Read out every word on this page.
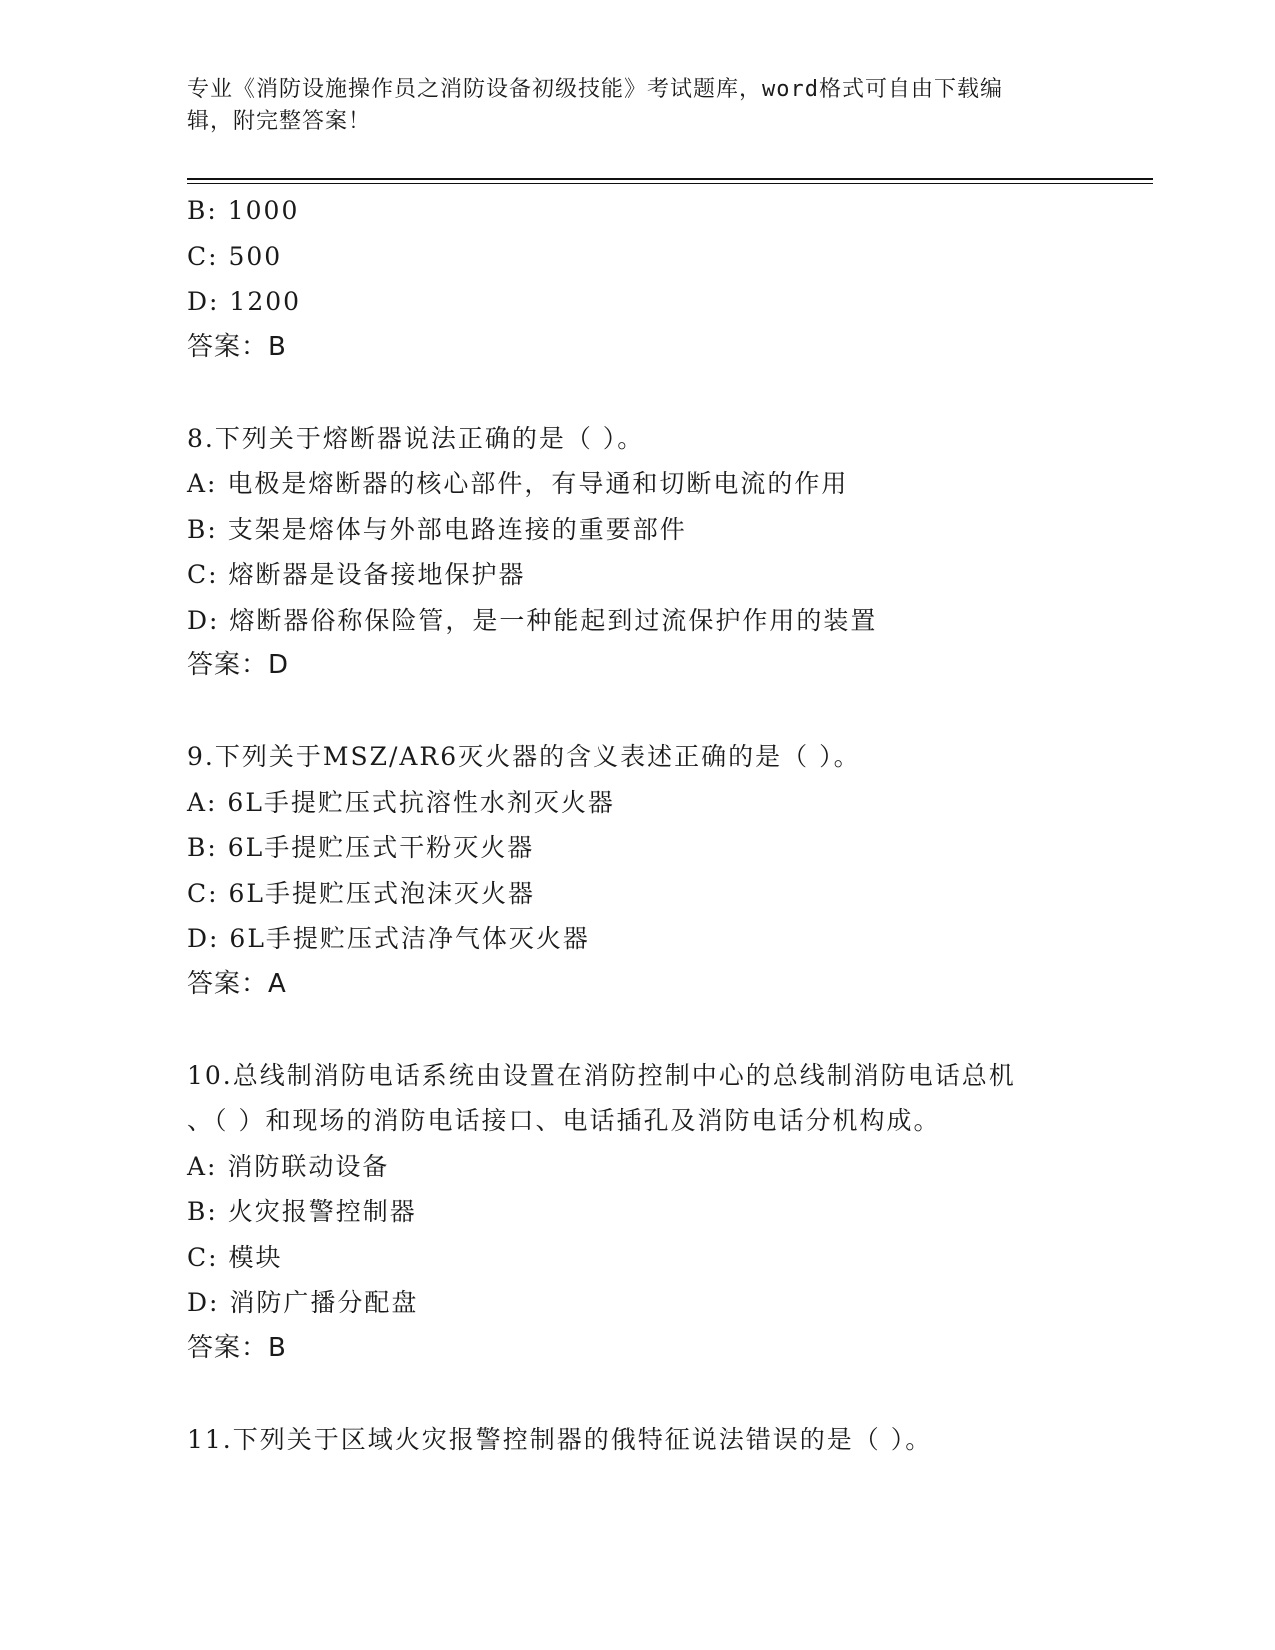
专业《消防设施操作员之消防设备初级技能》考试题库，word格式可自由下载编
辑，附完整答案！
B: 1000
C: 500
D: 1200
答案：B
8.下列关于熔断器说法正确的是（ ）。
A: 电极是熔断器的核心部件，有导通和切断电流的作用
B: 支架是熔体与外部电路连接的重要部件
C: 熔断器是设备接地保护器
D: 熔断器俗称保险管，是一种能起到过流保护作用的装置
答案：D
9.下列关于MSZ/AR6灭火器的含义表述正确的是（ ）。
A: 6L手提贮压式抗溶性水剂灭火器
B: 6L手提贮压式干粉灭火器
C: 6L手提贮压式泡沫灭火器
D: 6L手提贮压式洁净气体灭火器
答案：A
10.总线制消防电话系统由设置在消防控制中心的总线制消防电话总机
、（ ）和现场的消防电话接口、电话插孔及消防电话分机构成。
A: 消防联动设备
B: 火灾报警控制器
C: 模块
D: 消防广播分配盘
答案：B
11.下列关于区域火灾报警控制器的俄特征说法错误的是（ ）。
